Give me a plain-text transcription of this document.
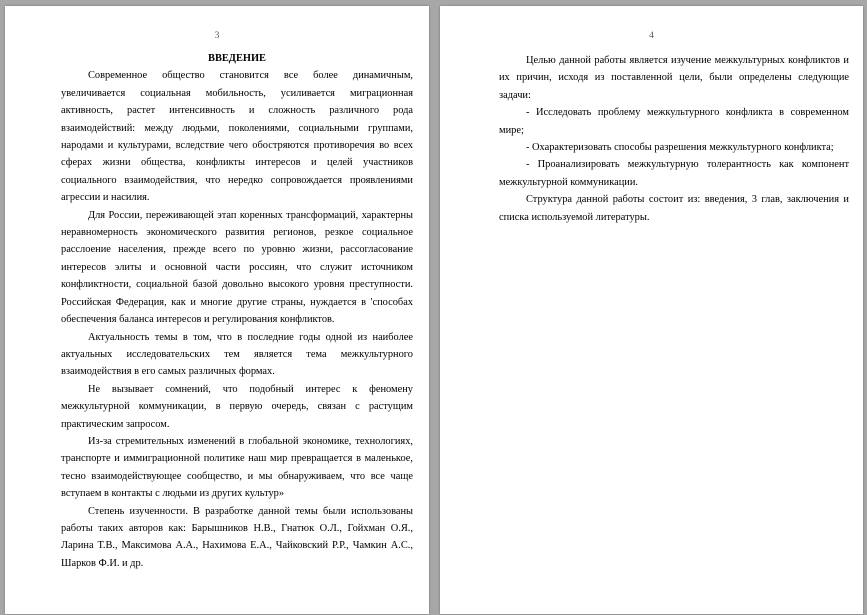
3

ВВЕДЕНИЕ

Современное общество становится все более динамичным, увеличивается социальная мобильность, усиливается миграционная активность, растет интенсивность и сложность различного рода взаимодействий: между людьми, поколениями, социальными группами, народами и культурами, вследствие чего обостряются противоречия во всех сферах жизни общества, конфликты интересов и целей участников социального взаимодействия, что нередко сопровождается проявлениями агрессии и насилия.

Для России, переживающей этап коренных трансформаций, характерны неравномерность экономического развития регионов, резкое социальное расслоение населения, прежде всего по уровню жизни, рассогласование интересов элиты и основной части россиян, что служит источником конфликтности, социальной базой довольно высокого уровня преступности. Российская Федерация, как и многие другие страны, нуждается в 'способах обеспечения баланса интересов и регулирования конфликтов.

Актуальность темы в том, что в последние годы одной из наиболее актуальных исследовательских тем является тема межкультурного взаимодействия в его самых различных формах.

Не вызывает сомнений, что подобный интерес к феномену межкультурной коммуникации, в первую очередь, связан с растущим практическим запросом.

Из-за стремительных изменений в глобальной экономике, технологиях, транспорте и иммиграционной политике наш мир превращается в маленькое, тесно взаимодействующее сообщество, и мы обнаруживаем, что все чаще вступаем в контакты с людьми из других культур»

Степень изученности. В разработке данной темы были использованы работы таких авторов как: Барышников Н.В., Гнатюк О.Л., Гойхман О.Я., Ларина Т.В., Максимова А.А., Нахимова Е.А., Чайковский Р.Р., Чамкин А.С., Шарков Ф.И. и др.

4

Целью данной работы является изучение межкультурных конфликтов и их причин, исходя из поставленной цели, были определены следующие задачи:

- Исследовать проблему межкультурного конфликта в современном мире;

- Охарактеризовать способы разрешения межкультурного конфликта;

- Проанализировать межкультурную толерантность как компонент межкультурной коммуникации.

Структура данной работы состоит из: введения, 3 глав, заключения и списка используемой литературы.
